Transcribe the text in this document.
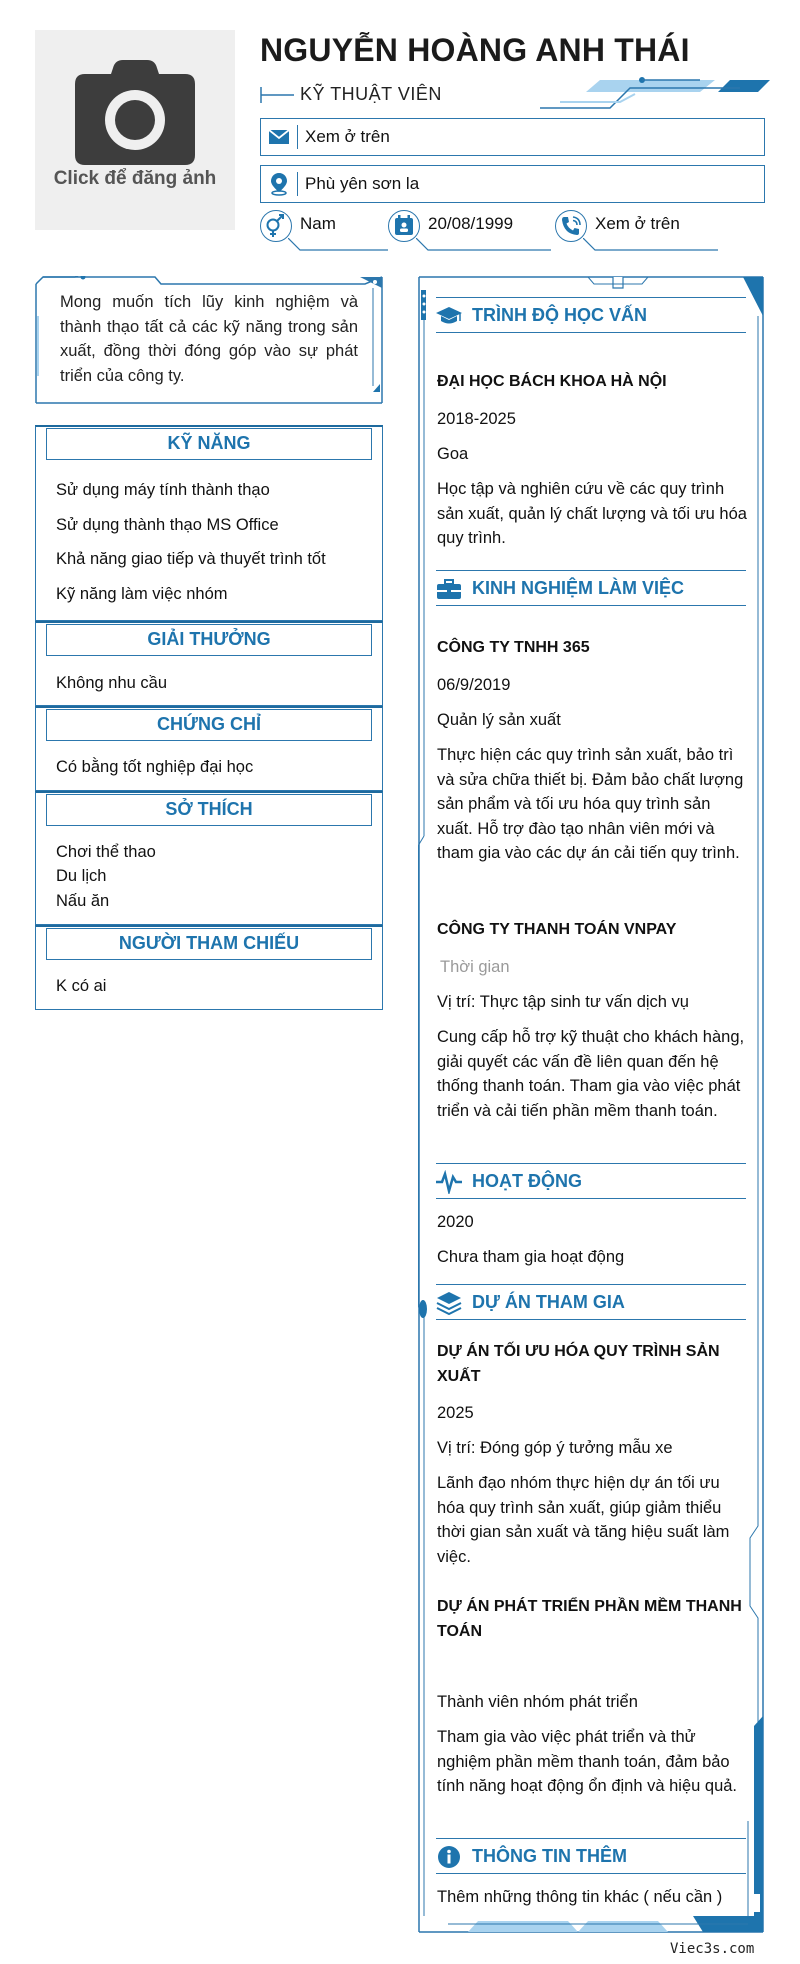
Click để đăng ảnh
NGUYỄN HOÀNG ANH THÁI
KỸ THUẬT VIÊN
Xem ở trên
Phù yên sơn la
Nam	20/08/1999	Xem ở trên
Mong muốn tích lũy kinh nghiệm và thành thạo tất cả các kỹ năng trong sản xuất, đồng thời đóng góp vào sự phát triển của công ty.
KỸ NĂNG
Sử dụng máy tính thành thạo
Sử dụng thành thạo MS Office
Khả năng giao tiếp và thuyết trình tốt
Kỹ năng làm việc nhóm
GIẢI THƯỞNG
Không nhu cầu
CHỨNG CHỈ
Có bằng tốt nghiệp đại học
SỞ THÍCH
Chơi thể thao
Du lịch
Nấu ăn
NGƯỜI THAM CHIẾU
K có ai
TRÌNH ĐỘ HỌC VẤN
ĐẠI HỌC BÁCH KHOA HÀ NỘI
2018-2025
Goa
Học tập và nghiên cứu về các quy trình sản xuất, quản lý chất lượng và tối ưu hóa quy trình.
KINH NGHIỆM LÀM VIỆC
CÔNG TY TNHH 365
06/9/2019
Quản lý sản xuất
Thực hiện các quy trình sản xuất, bảo trì và sửa chữa thiết bị. Đảm bảo chất lượng sản phẩm và tối ưu hóa quy trình sản xuất. Hỗ trợ đào tạo nhân viên mới và tham gia vào các dự án cải tiến quy trình.
CÔNG TY THANH TOÁN VNPAY
Thời gian
Vị trí: Thực tập sinh tư vấn dịch vụ
Cung cấp hỗ trợ kỹ thuật cho khách hàng, giải quyết các vấn đề liên quan đến hệ thống thanh toán. Tham gia vào việc phát triển và cải tiến phần mềm thanh toán.
HOẠT ĐỘNG
2020
Chưa tham gia hoạt động
DỰ ÁN THAM GIA
DỰ ÁN TỐI ƯU HÓA QUY TRÌNH SẢN XUẤT
2025
Vị trí: Đóng góp ý tưởng mẫu xe
Lãnh đạo nhóm thực hiện dự án tối ưu hóa quy trình sản xuất, giúp giảm thiểu thời gian sản xuất và tăng hiệu suất làm việc.
DỰ ÁN PHÁT TRIỂN PHẦN MỀM THANH TOÁN
Thành viên nhóm phát triển
Tham gia vào việc phát triển và thử nghiệm phần mềm thanh toán, đảm bảo tính năng hoạt động ổn định và hiệu quả.
THÔNG TIN THÊM
Thêm những thông tin khác ( nếu cần )
Viec3s.com
